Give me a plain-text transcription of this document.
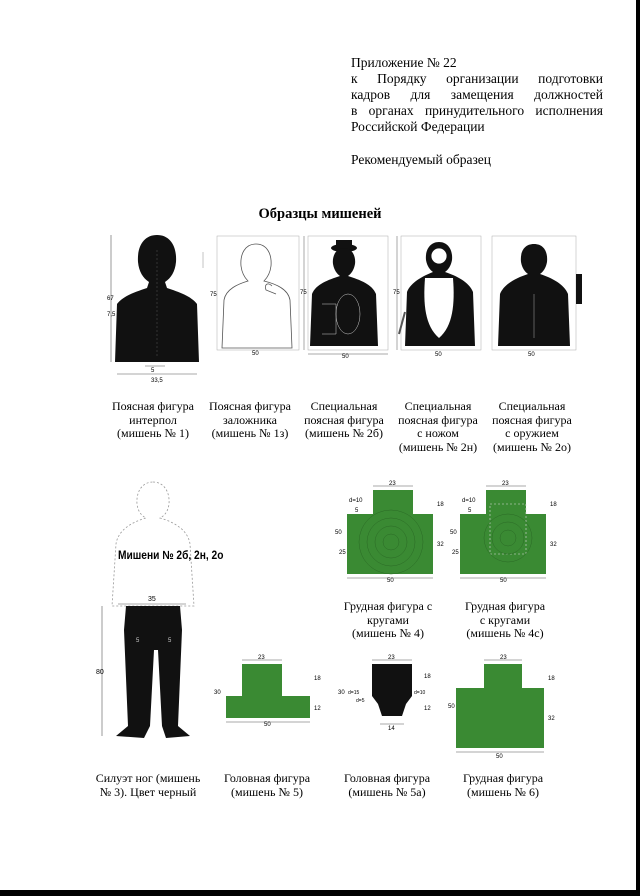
Приложение № 22
к Порядку организации подготовки
кадров для замещения должностей
в органах принудительного исполнения
Российской Федерации
Рекомендуемый образец
Образцы мишеней
67
7,5
5
33,5
75
50
75
50
75
50	50
Поясная фигура
интерпол
(мишень № 1)
Поясная фигура
заложника
(мишень № 1з)
Специальная
поясная фигура
(мишень № 2б)
Специальная
поясная фигура
с ножом
(мишень № 2н)
Специальная
поясная фигура
с оружием
(мишень № 2о)
35
80
5	5
Мишени № 2б, 2н, 2о
23
50
32
18
50
25
d=10
5
23
50
32
18
50
25
d=10
5
Грудная фигура с
кругами
(мишень № 4)
Грудная фигура
с кругами
(мишень № 4с)
23
50
30
18
12
23
14
30
18
12
d=15	d=10
d=5
23
50
50
18
32
Силуэт ног (мишень
№ 3). Цвет черный
Головная фигура
(мишень № 5)
Головная фигура
(мишень № 5а)
Грудная фигура
(мишень № 6)
